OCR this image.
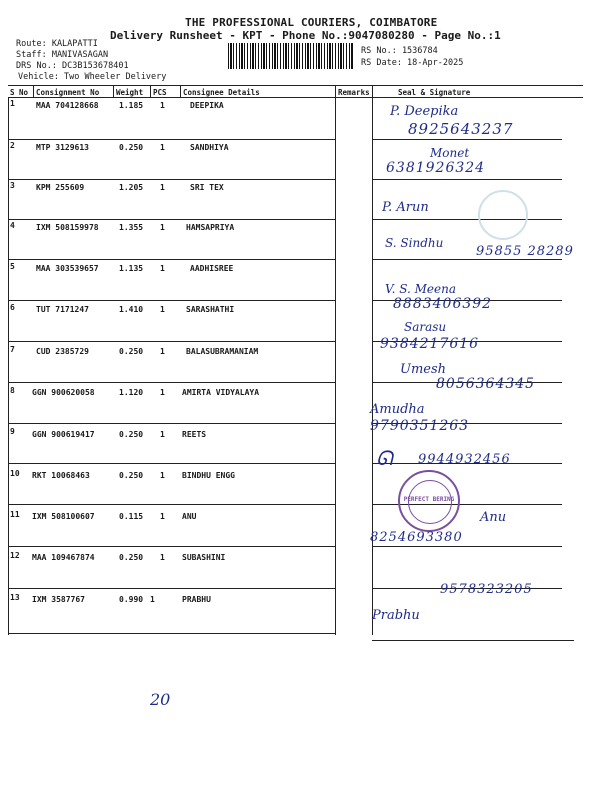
THE PROFESSIONAL COURIERS, COIMBATORE
Delivery Runsheet - KPT - Phone No.:9047080280 - Page No.:1
Route: KALAPATTI
Staff: MANIVASAGAN
DRS No.: DC3B153678401
Vehicle: Two Wheeler Delivery
RS No.: 1536784
RS Date: 18-Apr-2025
S No Consignment No Weight PCS Consignee Details	Remarks	Seal & Signature
1	MAA 704128668	1.185 1	DEEPIKA
2	MTP 3129613	0.250 1	SANDHIYA
3	KPM 255609	1.205 1	SRI TEX
4	IXM 508159978	1.355 1	HAMSAPRIYA
5	MAA 303539657	1.135 1	AADHISREE
6	TUT 7171247	1.410 1	SARASHATHI
7	CUD 2385729	0.250 1	BALASUBRAMANIAM
8 GGN 900620058	1.120 1 AMIRTA VIDYALAYA
9 GGN 900619417	0.250 1 REETS
10 RKT 10068463	0.250 1 BINDHU ENGG
11 IXM 508100607	0.115 1 ANU
12 MAA 109467874	0.250 1 SUBASHINI
13 IXM 3587767	0.990 1	PRABHU
P. Deepika
8925643237
Monet
6381926324
P. Arun
S. Sindhu
95855 28289
V. S. Meena
8883406392
Sarasu
9384217616
Umesh
8056364345
Amudha
9790351263
ᘏ 9944932456
PERFECT BERING
Anu
8254693380
Prabhu
9578323205
20
